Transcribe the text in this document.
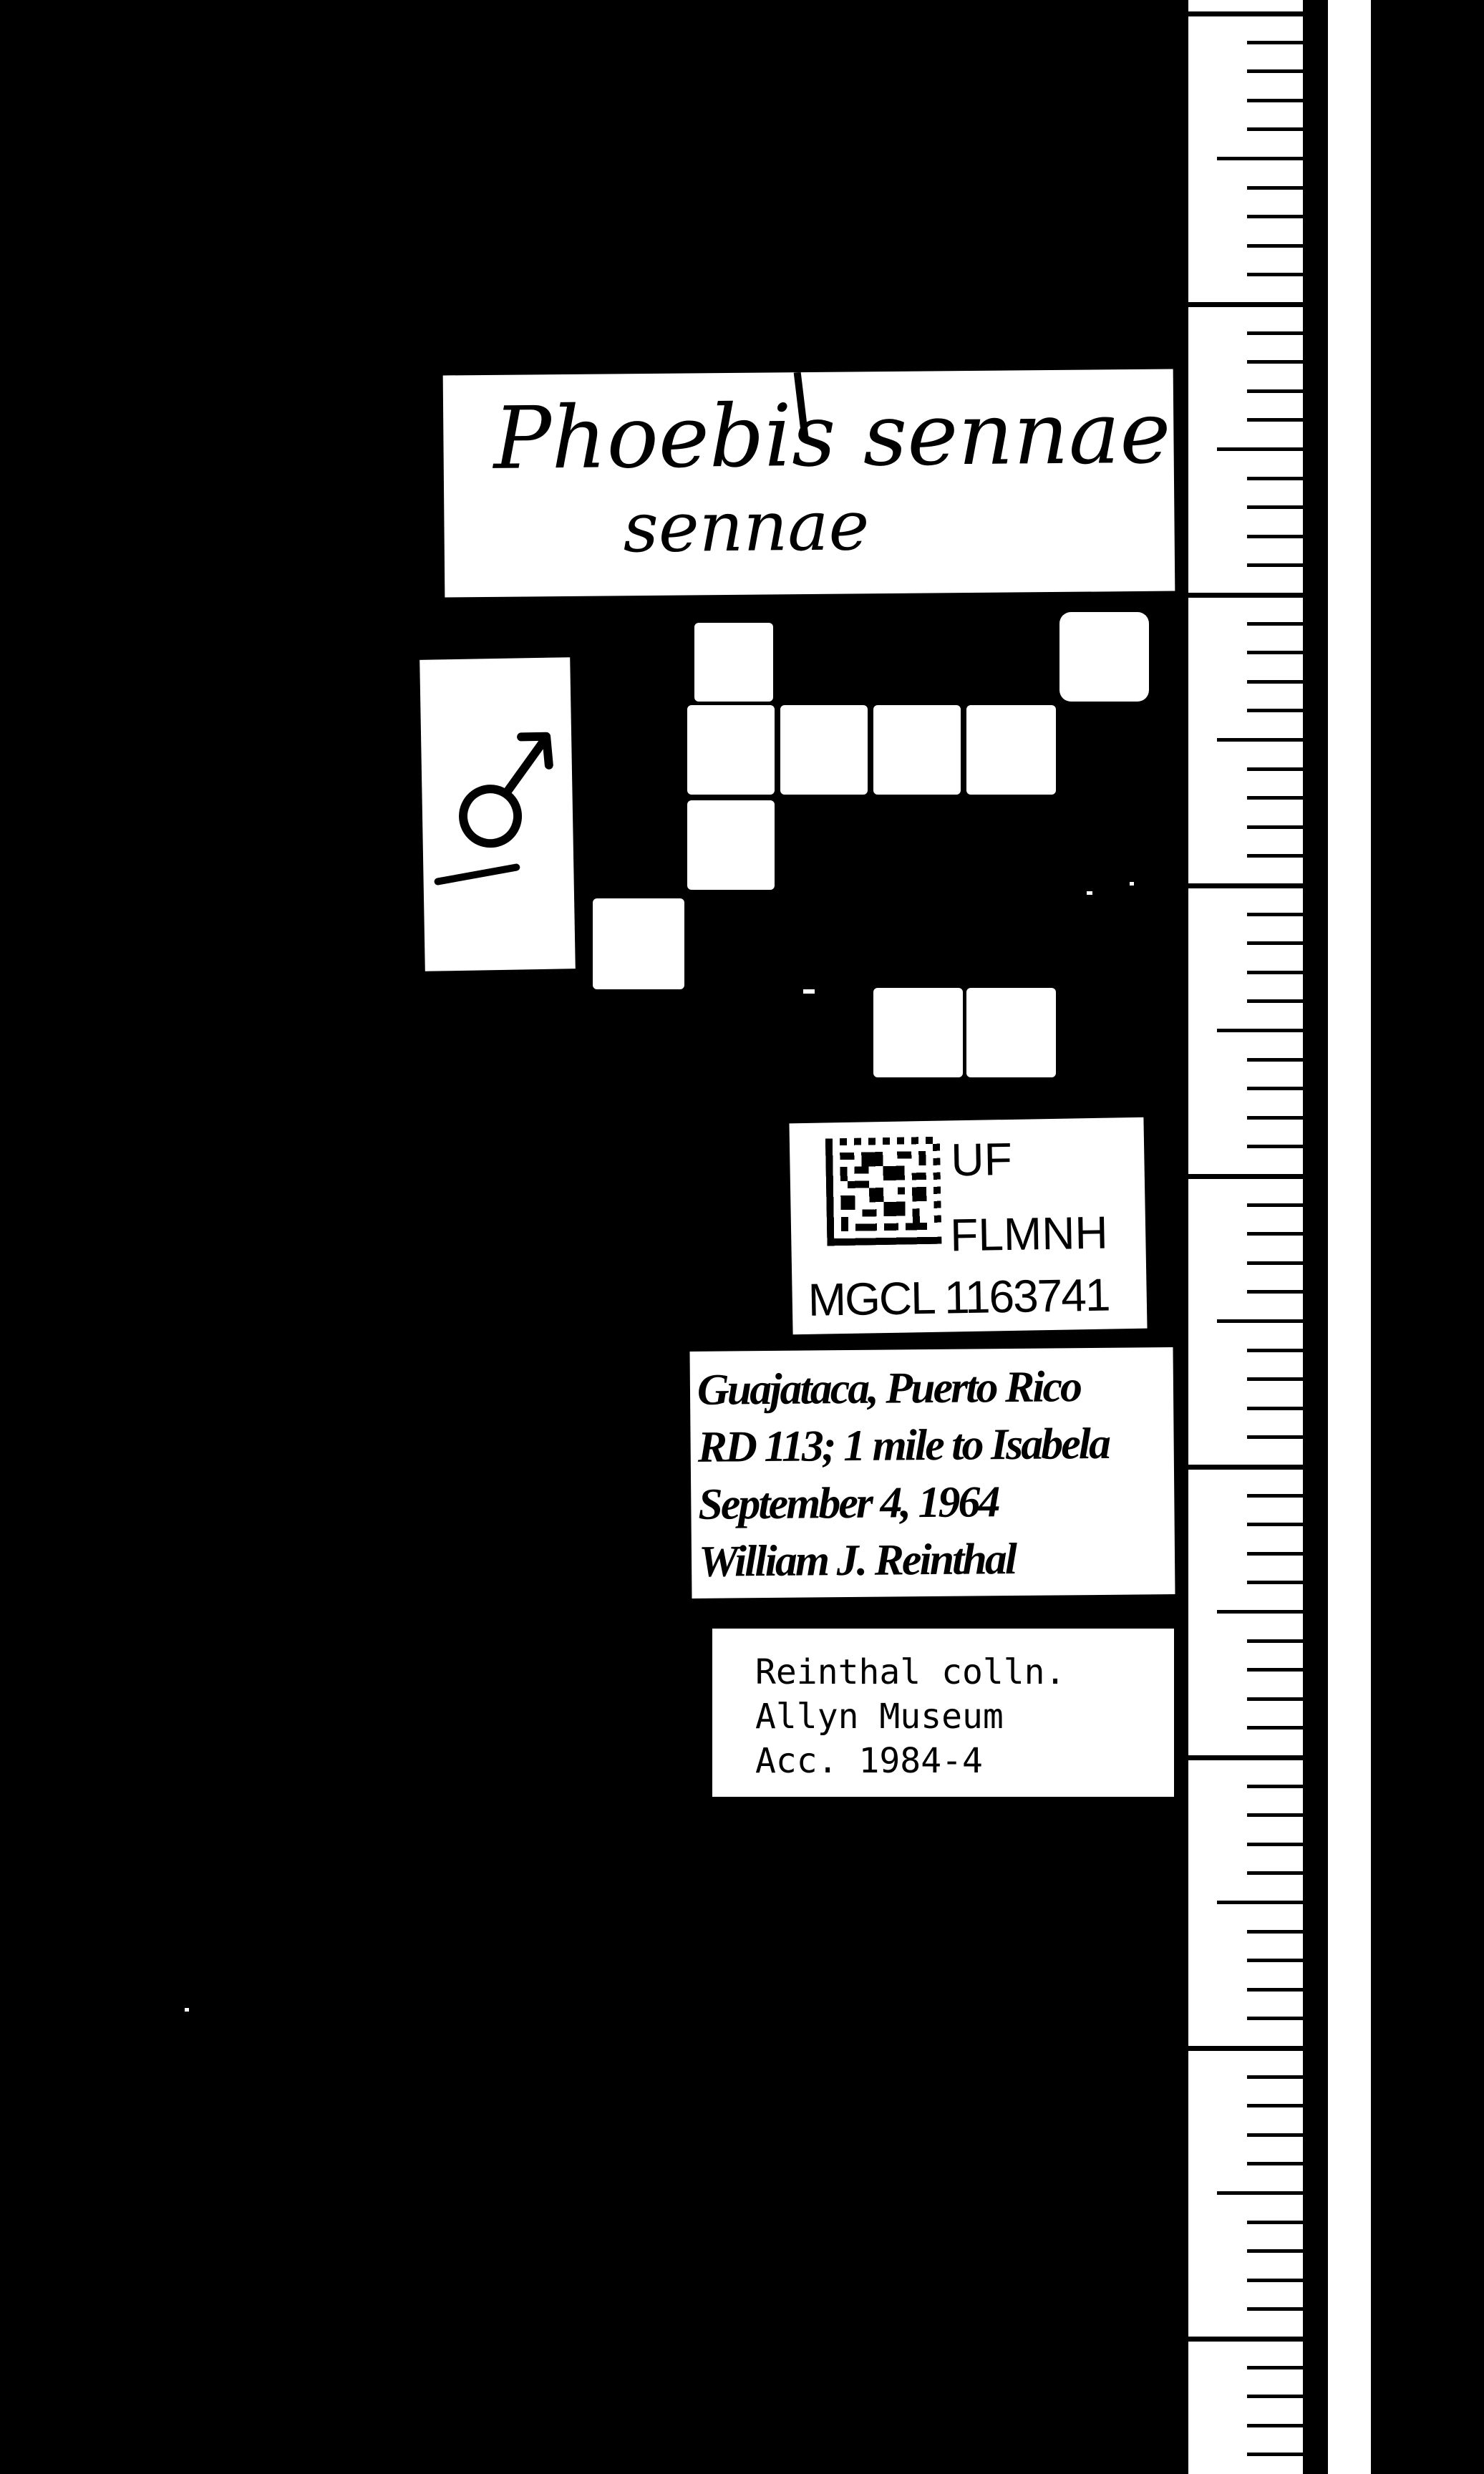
Phoebis sennae
sennae
UF
FLMNH
MGCL 1163741
Guajataca, Puerto Rico
RD 113; 1 mile to Isabela
September 4, 1964
William J. Reinthal
Reinthal colln.
Allyn Museum
Acc. 1984-4
